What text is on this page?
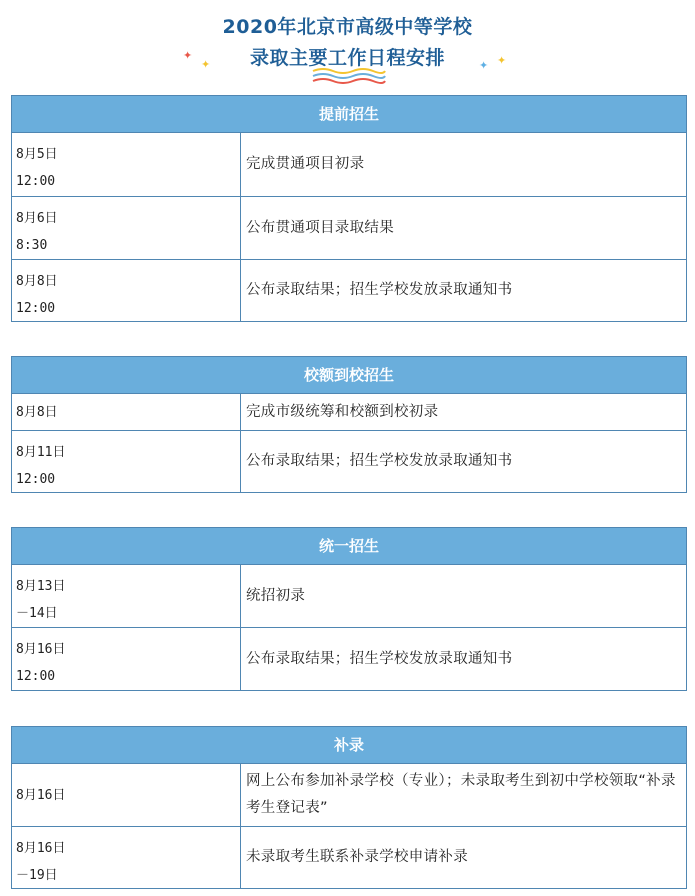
2020年北京市高级中等学校
录取主要工作日程安排
✦
✦	✦ ✦
提前招生
8月5日
12:00
完成贯通项目初录
8月6日
8:30
公布贯通项目录取结果
8月8日
12:00
公布录取结果；招生学校发放录取通知书
校额到校招生
8月8日	完成市级统筹和校额到校初录
8月11日
12:00
公布录取结果；招生学校发放录取通知书
统一招生
8月13日
－14日
统招初录
8月16日
12:00
公布录取结果；招生学校发放录取通知书
补录
8月16日
网上公布参加补录学校（专业）；未录取考生到初中学校领取“补录考生登记表”
8月16日
－19日
未录取考生联系补录学校申请补录
